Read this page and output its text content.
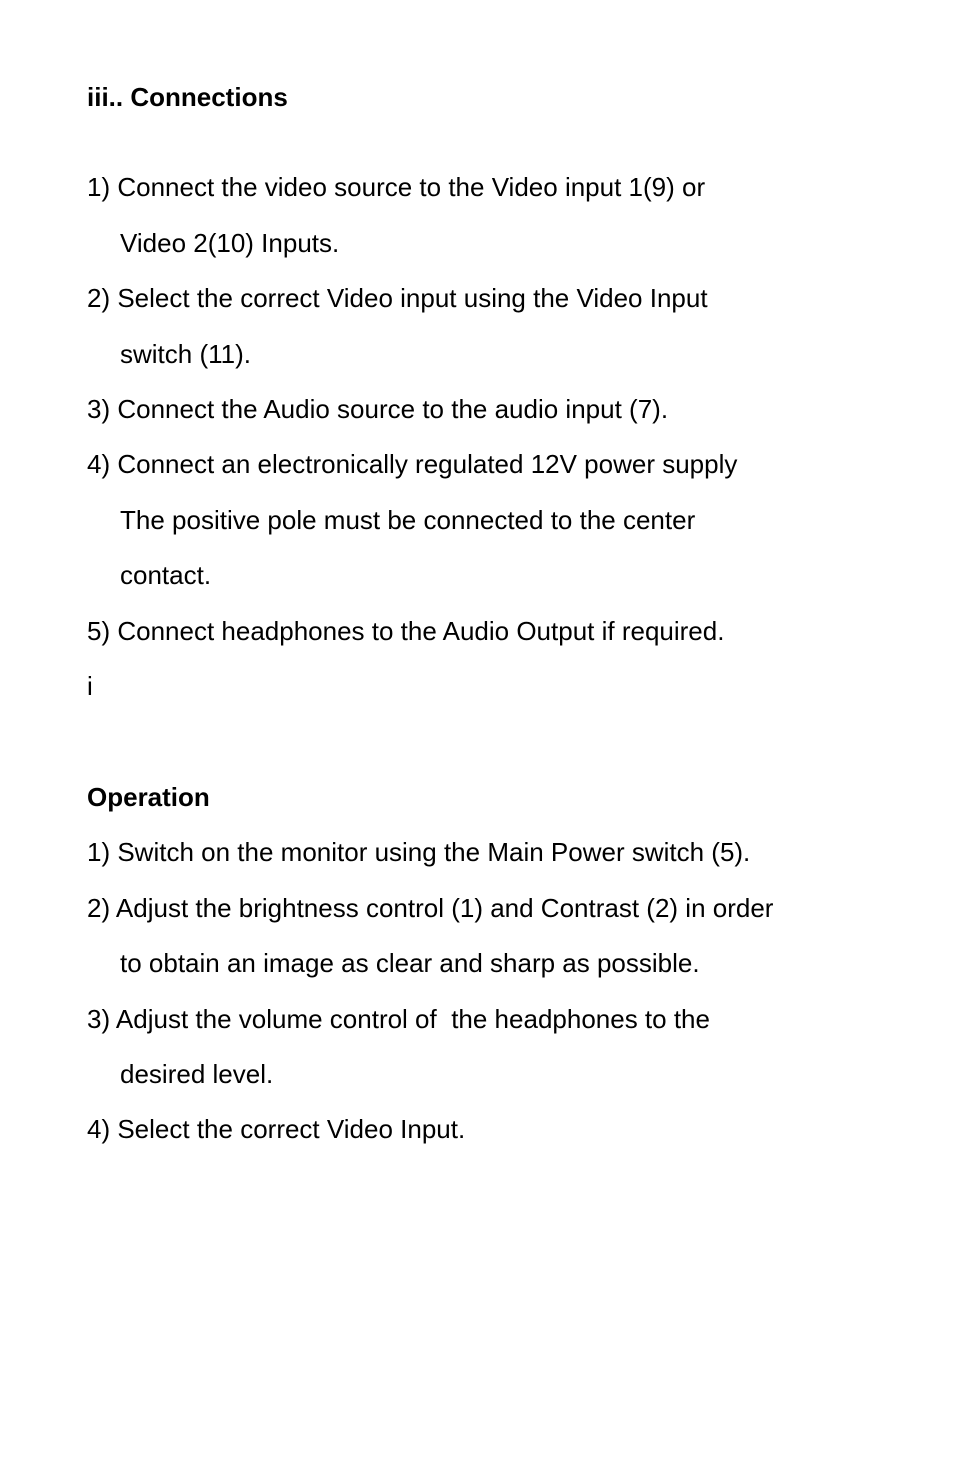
iii.. Connections
1) Connect the video source to the Video input 1(9) or
Video 2(10) Inputs.
2) Select the correct Video input using the Video Input
switch (11).
3) Connect the Audio source to the audio input (7).
4) Connect an electronically regulated 12V power supply
The positive pole must be connected to the center
contact.
5) Connect headphones to the Audio Output if required.
i
Operation
1) Switch on the monitor using the Main Power switch (5).
2) Adjust the brightness control (1) and Contrast (2) in order
to obtain an image as clear and sharp as possible.
3) Adjust the volume control of  the headphones to the
desired level.
4) Select the correct Video Input.
